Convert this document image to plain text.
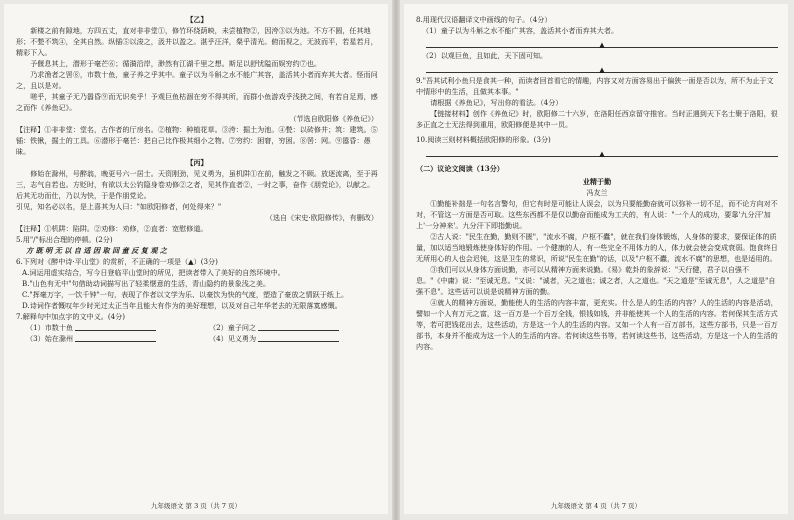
【乙】

新楼之前有隙地，方四五丈，直对非非堂①，修竹环绕荫映，未尝植物②，因洿③以为池。不方不圆，任其地形；不甃不筑④，全其自然。纵锸⑤以浚之，汲井以盈之。湛乎汪洋，粲乎清光。俯而视之，无波而平，若星若月，精彩下入。

予偃息其上，潜形于毫芒⑥；循漪沿岸，渺然有江湖千里之想。斯足以舒忧隘而娱穷约⑦也。

乃求渔者之罟⑧，市数十鱼，童子养之乎其中。童子以为斗斛之水不能广其容，盖活其小者而弃其大者。怪而问之，且以是对。

嗟乎，其童子无乃嚣昏⑨而无识矣乎！予观巨鱼枯涸在旁不得其所，而群小鱼游戏乎浅狭之间，有若自足焉，感之而作《养鱼记》。

（节选自欧阳修《养鱼记》）

【注释】①非非堂：堂名，古作者的厅房名。②植物：种植花草。③洿：掘土为池。④甃：以砖修井；筑：建筑。⑤锸：铁锹，掘土的工具。⑥潜形于毫芒：把自己比作极其细小之物。⑦穷约：困窘，穷困。⑧罟：网。⑨嚣昏：愚昧。

【丙】

修始在滁州，号醉翁，晚更号六一居士。天资刚劲，见义勇为，虽机阱①在前，触发之不顾。放逐流离，至于再三，志气自若也。方贬时，有欲以太公钓隐身卷劝修②之者，见其作直者②，一时之事，奋作《朋党论》，以献之。后其无功而仕，乃以为快，于是作朋党论。

引见，知名必以名，是上喜其为人曰："如欧阳修者，何处得来？"

（选自《宋史·欧阳修传》，有删改）

【注释】①机阱：陷阱。②劝修：劝修，②直者：宽慰修道。

5.用"/"标出合理的停顿。(2分)

方 既 明 无 以 自 适 因 取 回 童 反 复 观 之

6.下列对《醉中诗·平山堂》的赏析，不正确的一项是（▲）(3分)

A.词运用虚实结合，写今日登临平山堂时的所见，把读者带入了美好的自然环境中。

B."山色有无中"句借助动词描写出了轻柔惬意的生活，青山隐约的景象浅之美。

C."挥毫万字，一饮千钟"一句，表现了作者以文学为乐、以豪饮为快的气度，塑造了豪放之情跃于纸上。

D.诗词作者慨叹年少时光过太正当年且能大有作为的美好理想，以及对自己年华老去的无限落寞感慨。

7.解释句中加点字的文中义。(4分)

（1）市数十鱼	（2）童子问之
（3）始在滁州	（4）见义勇为
九年级语文 第 3 页（共 7 页）

8.用现代汉语翻译文中画线的句子。（4分）

（1）童子以为斗斛之水不能广其容，盖活其小者而弃其大者。

▲

（2）以观巨鱼，且如此，天下固可知。

▲

9."吾其试利小鱼只是食其一种，而读者回首看它的情趣，内容又对方面容易出于偏狭一面是否以为，所不为止于文中情形中的生活，且做其本事。"

请根据《养鱼记》，写出你的看法。（4分）

【链接材料】创作《养鱼记》时，欧阳修二十六岁，在洛阳任西京留守推官。当时正遇到天下名士聚于洛阳，很多正直之士无法得到重用，欧阳修便是其中一员。

10.阅读三则材料概括欧阳修的形象。(3分)

▲
（二）议论文阅读（13分）
业精于勤
冯友兰

①勤能补拙是一句名言警句，但它有时是可能让人误会，以为只要能勤奋就可以弥补一切不足，而不论方向对不对，不管这一方面是否可取。这些东西都不是仅以勤奋而能成为工夫的，有人说："一个人的成功，要靠'九分汗'加上'一分神来'。九分汗下即指勤说。

②古人说："民生在勤，勤则不匮"，"流水不腐，户枢不蠹"，就在我们身体锻炼，人身体的要求，要保证体的质量，加以适当地锻炼使身体好的作用。一个健康的人，有一些完全不用体力的人，体力就会使会变成衰弱。饱食终日无所用心的人也会迟钝，这是卫生的常识，所说"民生在勤"的话，以及"户枢不蠹，流水不腐"的思想，也是适用的。

③我们可以从身体方面说勤，亦可以从精神方面来说勤。《易》乾卦的象辞说："天行健，君子以自强不息。"《中庸》说："至诚无息。"又说："诚者，天之道也；诚之者，人之道也。"天之道是"至诚无息"，人之道是"自强不息"。这些话可以说是说精神方面的勤。

④就人的精神方面说，勤能使人的生活的内容丰富，更充实。什么是人的生活的内容？人的生活的内容是活动，譬如一个人有万元之富，这一百万是一个百万全钱，银钱如钱，并非能使其一个人的生活的内容。若何保其生活方式等，若可把钱花出去，这些活动，方是这一个人的生活的内容。又如一个人有一百万部书，这些方部书，只是一百万部书，本身并不能成为这一个人的生活的内容。若何读这些书等，若何读这些书，这些活动，方是这一个人的生活的内容。

九年级语文 第 4 页（共 7 页）
